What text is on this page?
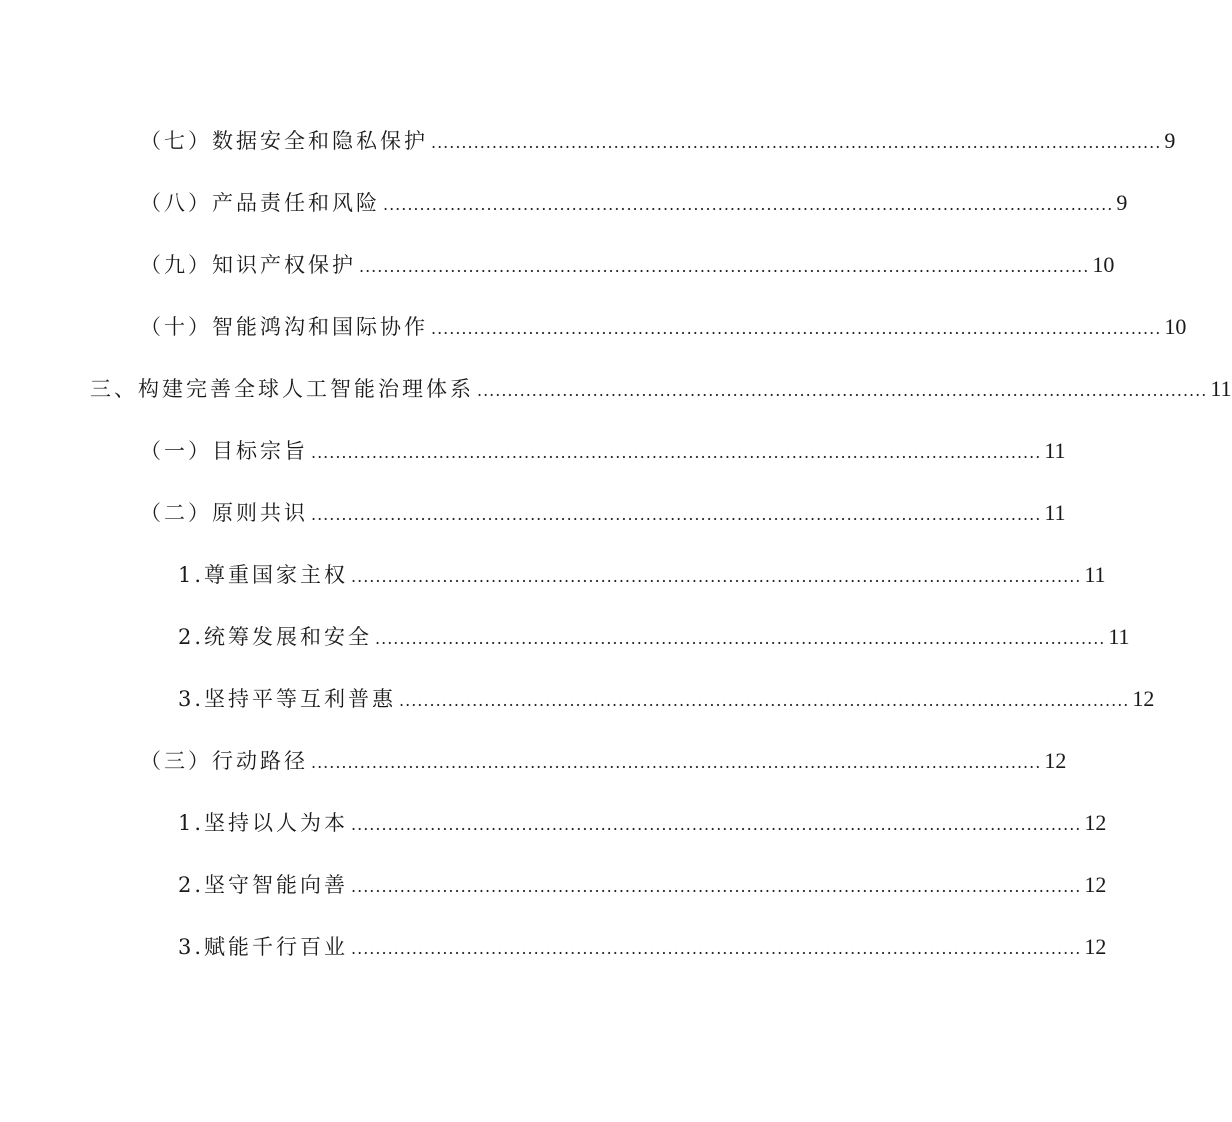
（七）数据安全和隐私保护 ........................................................................................................................ 9
（八）产品责任和风险 ........................................................................................................................ 9
（九）知识产权保护 ........................................................................................................................ 10
（十）智能鸿沟和国际协作 ........................................................................................................................ 10
三、构建完善全球人工智能治理体系 ........................................................................................................................ 11
（一）目标宗旨 ........................................................................................................................ 11
（二）原则共识 ........................................................................................................................ 11
1.尊重国家主权 ........................................................................................................................ 11
2.统筹发展和安全 ........................................................................................................................ 11
3.坚持平等互利普惠 ........................................................................................................................ 12
（三）行动路径 ........................................................................................................................ 12
1.坚持以人为本 ........................................................................................................................ 12
2.坚守智能向善 ........................................................................................................................ 12
3.赋能千行百业 ........................................................................................................................ 12
